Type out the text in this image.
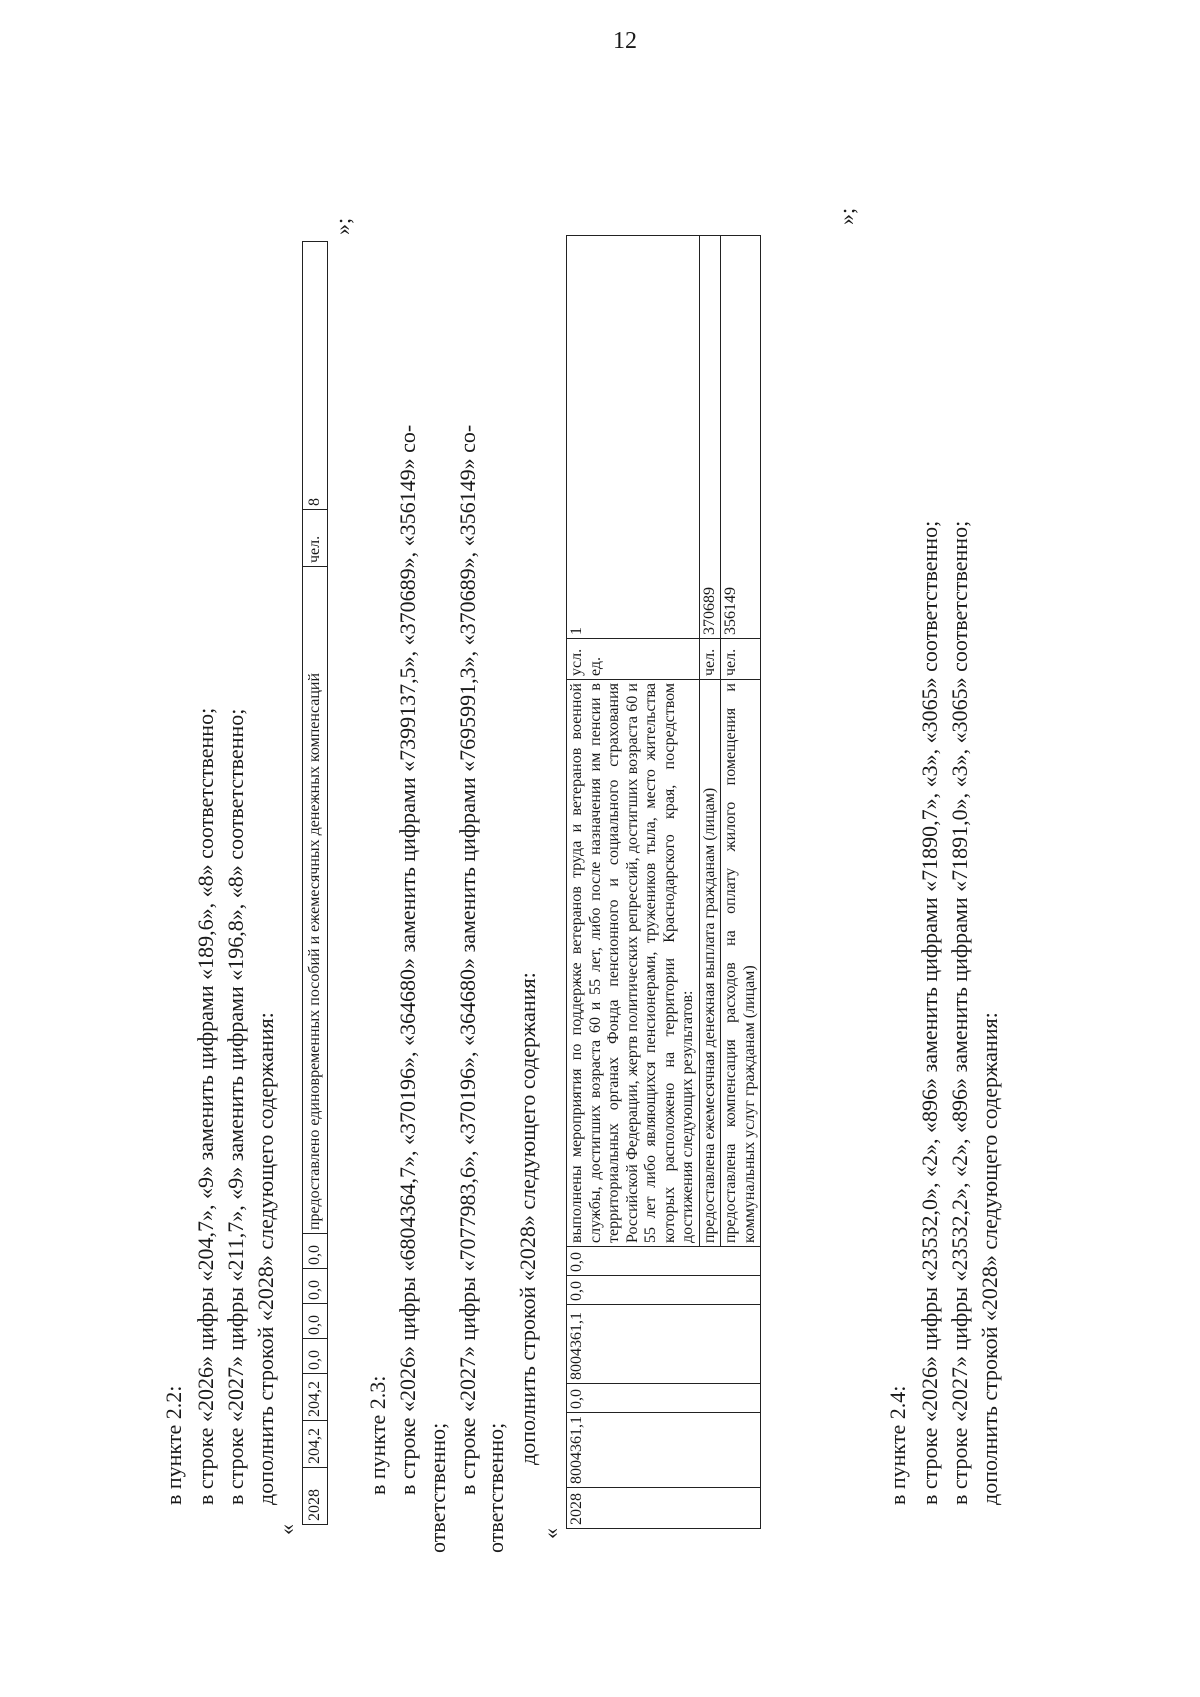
12
в пункте 2.2: в строке «2026» цифры «204,7», «9» заменить цифрами «189,6», «8» соответственно; в строке «2027» цифры «211,7», «9» заменить цифрами «196,8», «8» соответственно; дополнить строкой «2028» следующего содержания:
«
2028	204,2	204,2	0,0	0,0	0,0	0,0	предоставлено единовременных пособий и ежемесячных денежных компенсаций	чел.	8
»;
в пункте 2.3: в строке «2026» цифры «6804364,7», «370196», «364680» заменить цифрами «7399137,5», «370689», «356149» со- ответственно; в строке «2027» цифры «7077983,6», «370196», «364680» заменить цифрами «7695991,3», «370689», «356149» со- ответственно;
дополнить строкой «2028» следующего содержания:
«
2028	8004361,1	0,0	8004361,1	0,0	0,0	выполнены мероприятия по поддержке ветеранов труда и ветеранов военной службы, достигших возраста 60 и 55 лет, либо после назначения им пенсии в территориальных органах Фонда пенсионного и социального страхования Российской Федерации, жертв политических репрессий, достигших возраста 60 и 55 лет либо являющихся пенсионерами, тружеников тыла, место жительства которых расположено на территории Краснодарского края, посредством достижения следующих результатов:	усл. ед.	1
						предоставлена ежемесячная денежная выплата гражданам (лицам)	чел.	370689
						предоставлена компенсация расходов на оплату жилого помещения и коммунальных услуг гражданам (лицам)	чел.	356149
»;
в пункте 2.4: в строке «2026» цифры «23532,0», «2», «896» заменить цифрами «71890,7», «3», «3065» соответственно; в строке «2027» цифры «23532,2», «2», «896» заменить цифрами «71891,0», «3», «3065» соответственно; дополнить строкой «2028» следующего содержания:
